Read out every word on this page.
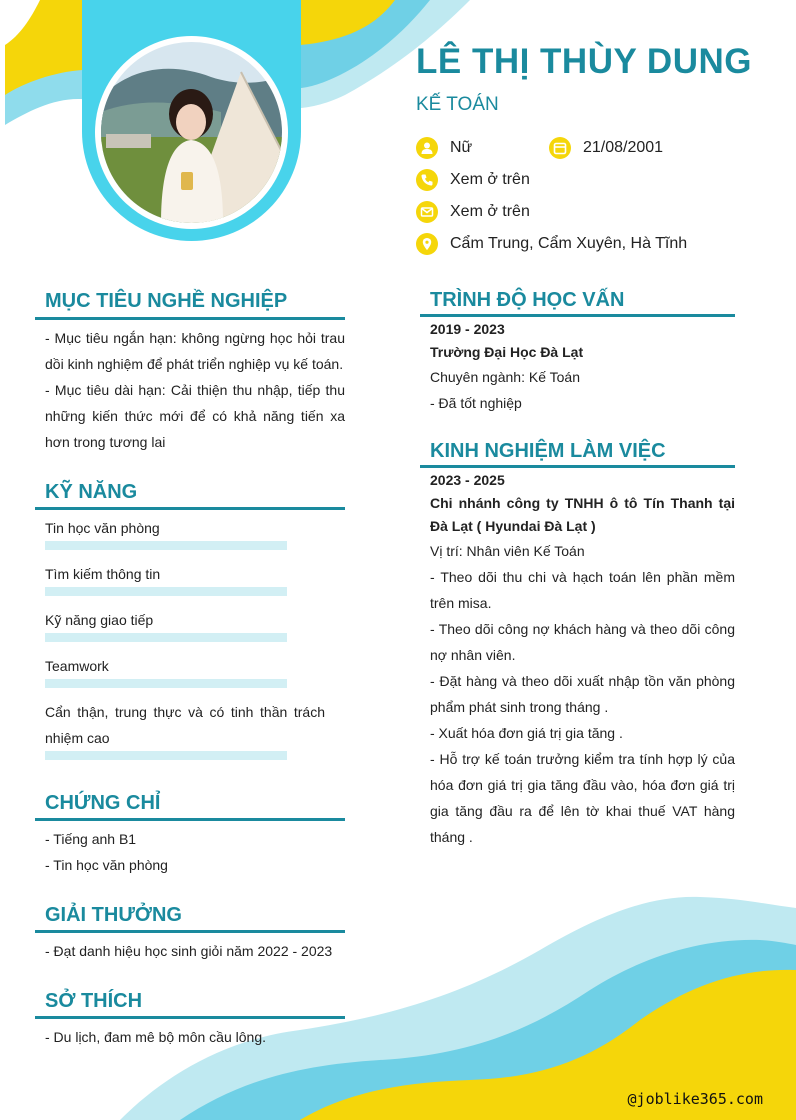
LÊ THỊ THÙY DUNG
KẾ TOÁN
Nữ	21/08/2001
Xem ở trên
Xem ở trên
Cẩm Trung, Cẩm Xuyên, Hà Tĩnh
MỤC TIÊU NGHỀ NGHIỆP

- Mục tiêu ngắn hạn: không ngừng học hỏi trau dồi kinh nghiệm để phát triển nghiệp vụ kế toán.

- Mục tiêu dài hạn: Cải thiện thu nhập, tiếp thu những kiến thức mới để có khả năng tiến xa hơn trong tương lai

KỸ NĂNG
Tin học văn phòng
Tìm kiếm thông tin
Kỹ năng giao tiếp
Teamwork
Cẩn thận, trung thực và có tinh thần trách nhiệm cao
CHỨNG CHỈ

- Tiếng anh B1

- Tin học văn phòng

GIẢI THƯỞNG

- Đạt danh hiệu học sinh giỏi năm 2022 - 2023

SỞ THÍCH

- Du lịch, đam mê bộ môn cầu lông.

TRÌNH ĐỘ HỌC VẤN

2019 - 2023

Trường Đại Học Đà Lạt

Chuyên ngành: Kế Toán

- Đã tốt nghiệp

KINH NGHIỆM LÀM VIỆC

2023 - 2025

Chi nhánh công ty TNHH ô tô Tín Thanh tại Đà Lạt ( Hyundai Đà Lạt )

Vị trí: Nhân viên Kế Toán

- Theo dõi thu chi và hạch toán lên phần mềm trên misa.

- Theo dõi công nợ khách hàng và theo dõi công nợ nhân viên.

- Đặt hàng và theo dõi xuất nhập tồn văn phòng phẩm phát sinh trong tháng .

- Xuất hóa đơn giá trị gia tăng .

- Hỗ trợ kế toán trưởng kiểm tra tính hợp lý của hóa đơn giá trị gia tăng đầu vào, hóa đơn giá trị gia tăng đầu ra để lên tờ khai thuế VAT hàng tháng .

@joblike365.com
